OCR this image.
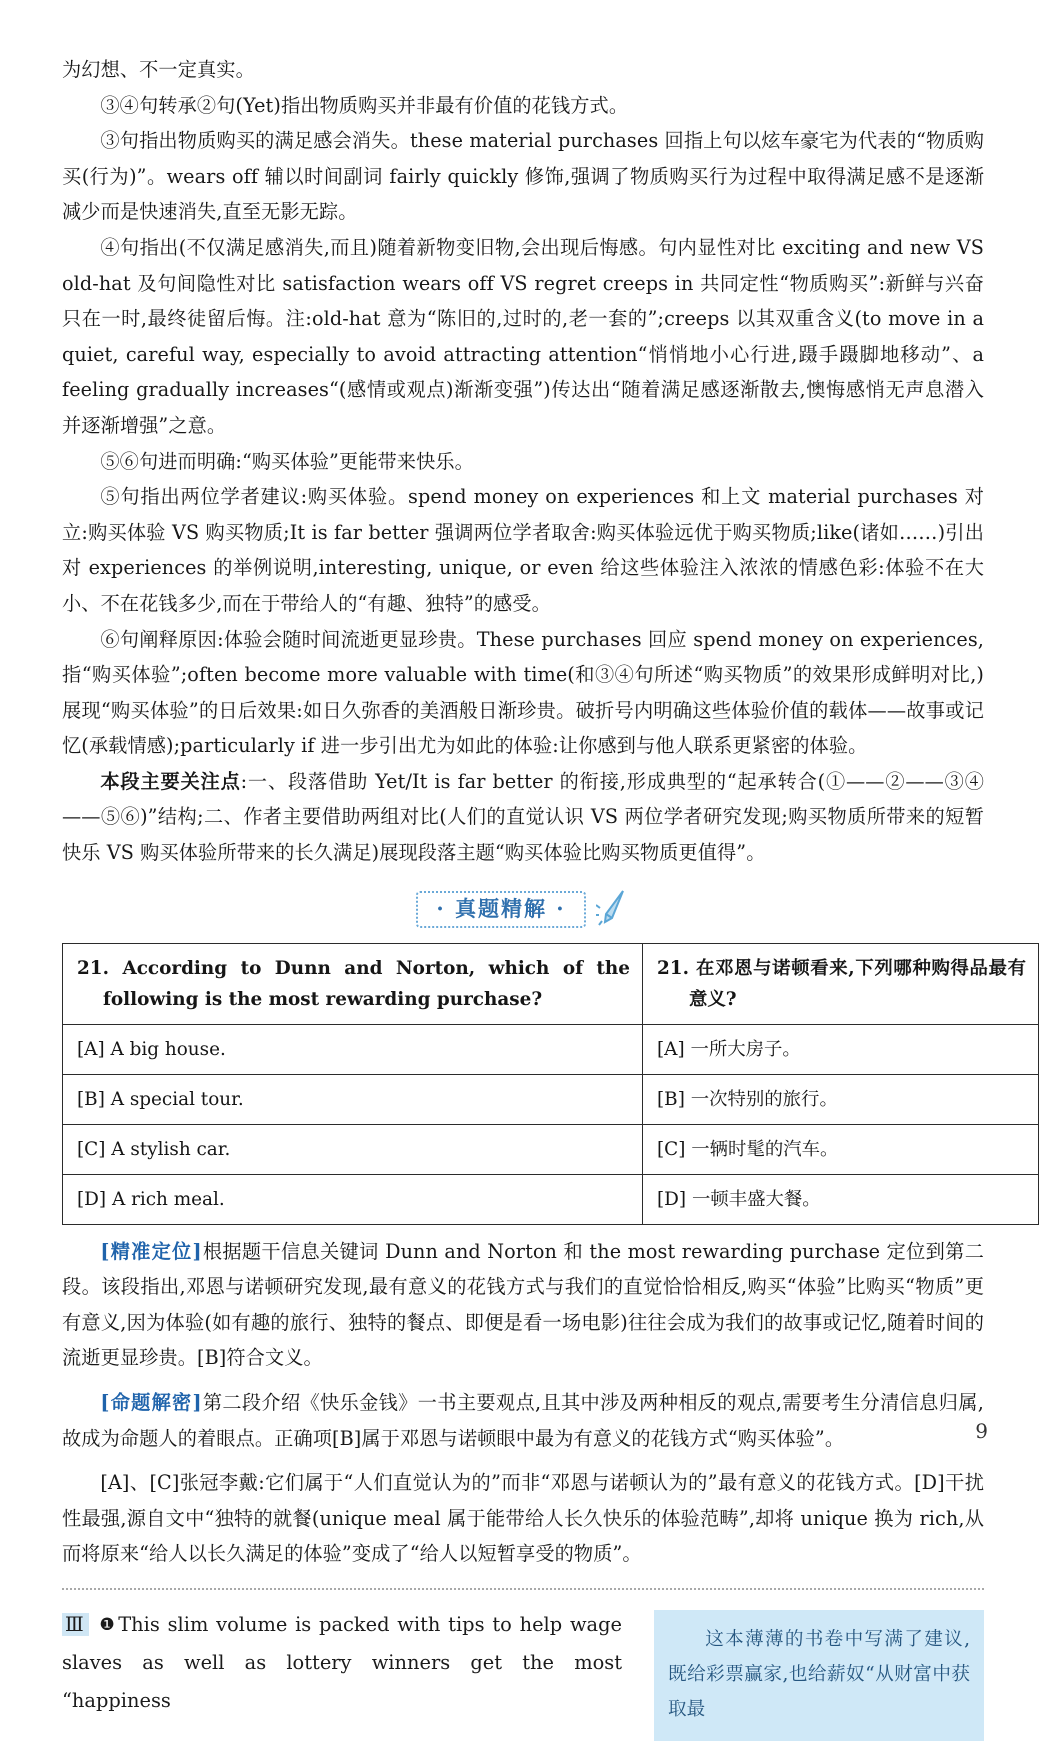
为幻想、不一定真实。

③④句转承②句(Yet)指出物质购买并非最有价值的花钱方式。

③句指出物质购买的满足感会消失。these material purchases 回指上句以炫车豪宅为代表的“物质购买(行为)”。wears off 辅以时间副词 fairly quickly 修饰,强调了物质购买行为过程中取得满足感不是逐渐减少而是快速消失,直至无影无踪。

④句指出(不仅满足感消失,而且)随着新物变旧物,会出现后悔感。句内显性对比 exciting and new VS old-hat 及句间隐性对比 satisfaction wears off VS regret creeps in 共同定性“物质购买”:新鲜与兴奋只在一时,最终徒留后悔。注:old-hat 意为“陈旧的,过时的,老一套的”;creeps 以其双重含义(to move in a quiet, careful way, especially to avoid attracting attention“悄悄地小心行进,蹑手蹑脚地移动”、a feeling gradually increases“(感情或观点)渐渐变强”)传达出“随着满足感逐渐散去,懊悔感悄无声息潜入并逐渐增强”之意。

⑤⑥句进而明确:“购买体验”更能带来快乐。

⑤句指出两位学者建议:购买体验。spend money on experiences 和上文 material purchases 对立:购买体验 VS 购买物质;It is far better 强调两位学者取舍:购买体验远优于购买物质;like(诸如……)引出对 experiences 的举例说明,interesting, unique, or even 给这些体验注入浓浓的情感色彩:体验不在大小、不在花钱多少,而在于带给人的“有趣、独特”的感受。

⑥句阐释原因:体验会随时间流逝更显珍贵。These purchases 回应 spend money on experiences,指“购买体验”;often become more valuable with time(和③④句所述“购买物质”的效果形成鲜明对比,)展现“购买体验”的日后效果:如日久弥香的美酒般日渐珍贵。破折号内明确这些体验价值的载体——故事或记忆(承载情感);particularly if 进一步引出尤为如此的体验:让你感到与他人联系更紧密的体验。

本段主要关注点:一、段落借助 Yet/It is far better 的衔接,形成典型的“起承转合(①——②——③④——⑤⑥)”结构;二、作者主要借助两组对比(人们的直觉认识 VS 两位学者研究发现;购买物质所带来的短暂快乐 VS 购买体验所带来的长久满足)展现段落主题“购买体验比购买物质更值得”。

· 真题精解 ·
21. According to Dunn and Norton, which of the following is the most rewarding purchase?	21. 在邓恩与诺顿看来,下列哪种购得品最有意义?

[A] A big house.	[A] 一所大房子。
[B] A special tour.	[B] 一次特别的旅行。
[C] A stylish car.	[C] 一辆时髦的汽车。
[D] A rich meal.	[D] 一顿丰盛大餐。

[精准定位]根据题干信息关键词 Dunn and Norton 和 the most rewarding purchase 定位到第二段。该段指出,邓恩与诺顿研究发现,最有意义的花钱方式与我们的直觉恰恰相反,购买“体验”比购买“物质”更有意义,因为体验(如有趣的旅行、独特的餐点、即便是看一场电影)往往会成为我们的故事或记忆,随着时间的流逝更显珍贵。[B]符合文义。

[命题解密]第二段介绍《快乐金钱》一书主要观点,且其中涉及两种相反的观点,需要考生分清信息归属,故成为命题人的着眼点。正确项[B]属于邓恩与诺顿眼中最为有意义的花钱方式“购买体验”。

[A]、[C]张冠李戴:它们属于“人们直觉认为的”而非“邓恩与诺顿认为的”最有意义的花钱方式。[D]干扰性最强,源自文中“独特的就餐(unique meal 属于能带给人长久快乐的体验范畴”,却将 unique 换为 rich,从而将原来“给人以长久满足的体验”变成了“给人以短暂享受的物质”。

Ⅲ ❶ This slim volume is packed with tips to help wage slaves as well as lottery winners get the most “happiness
这本薄薄的书卷中写满了建议,既给彩票赢家,也给薪奴“从财富中获取最
9
